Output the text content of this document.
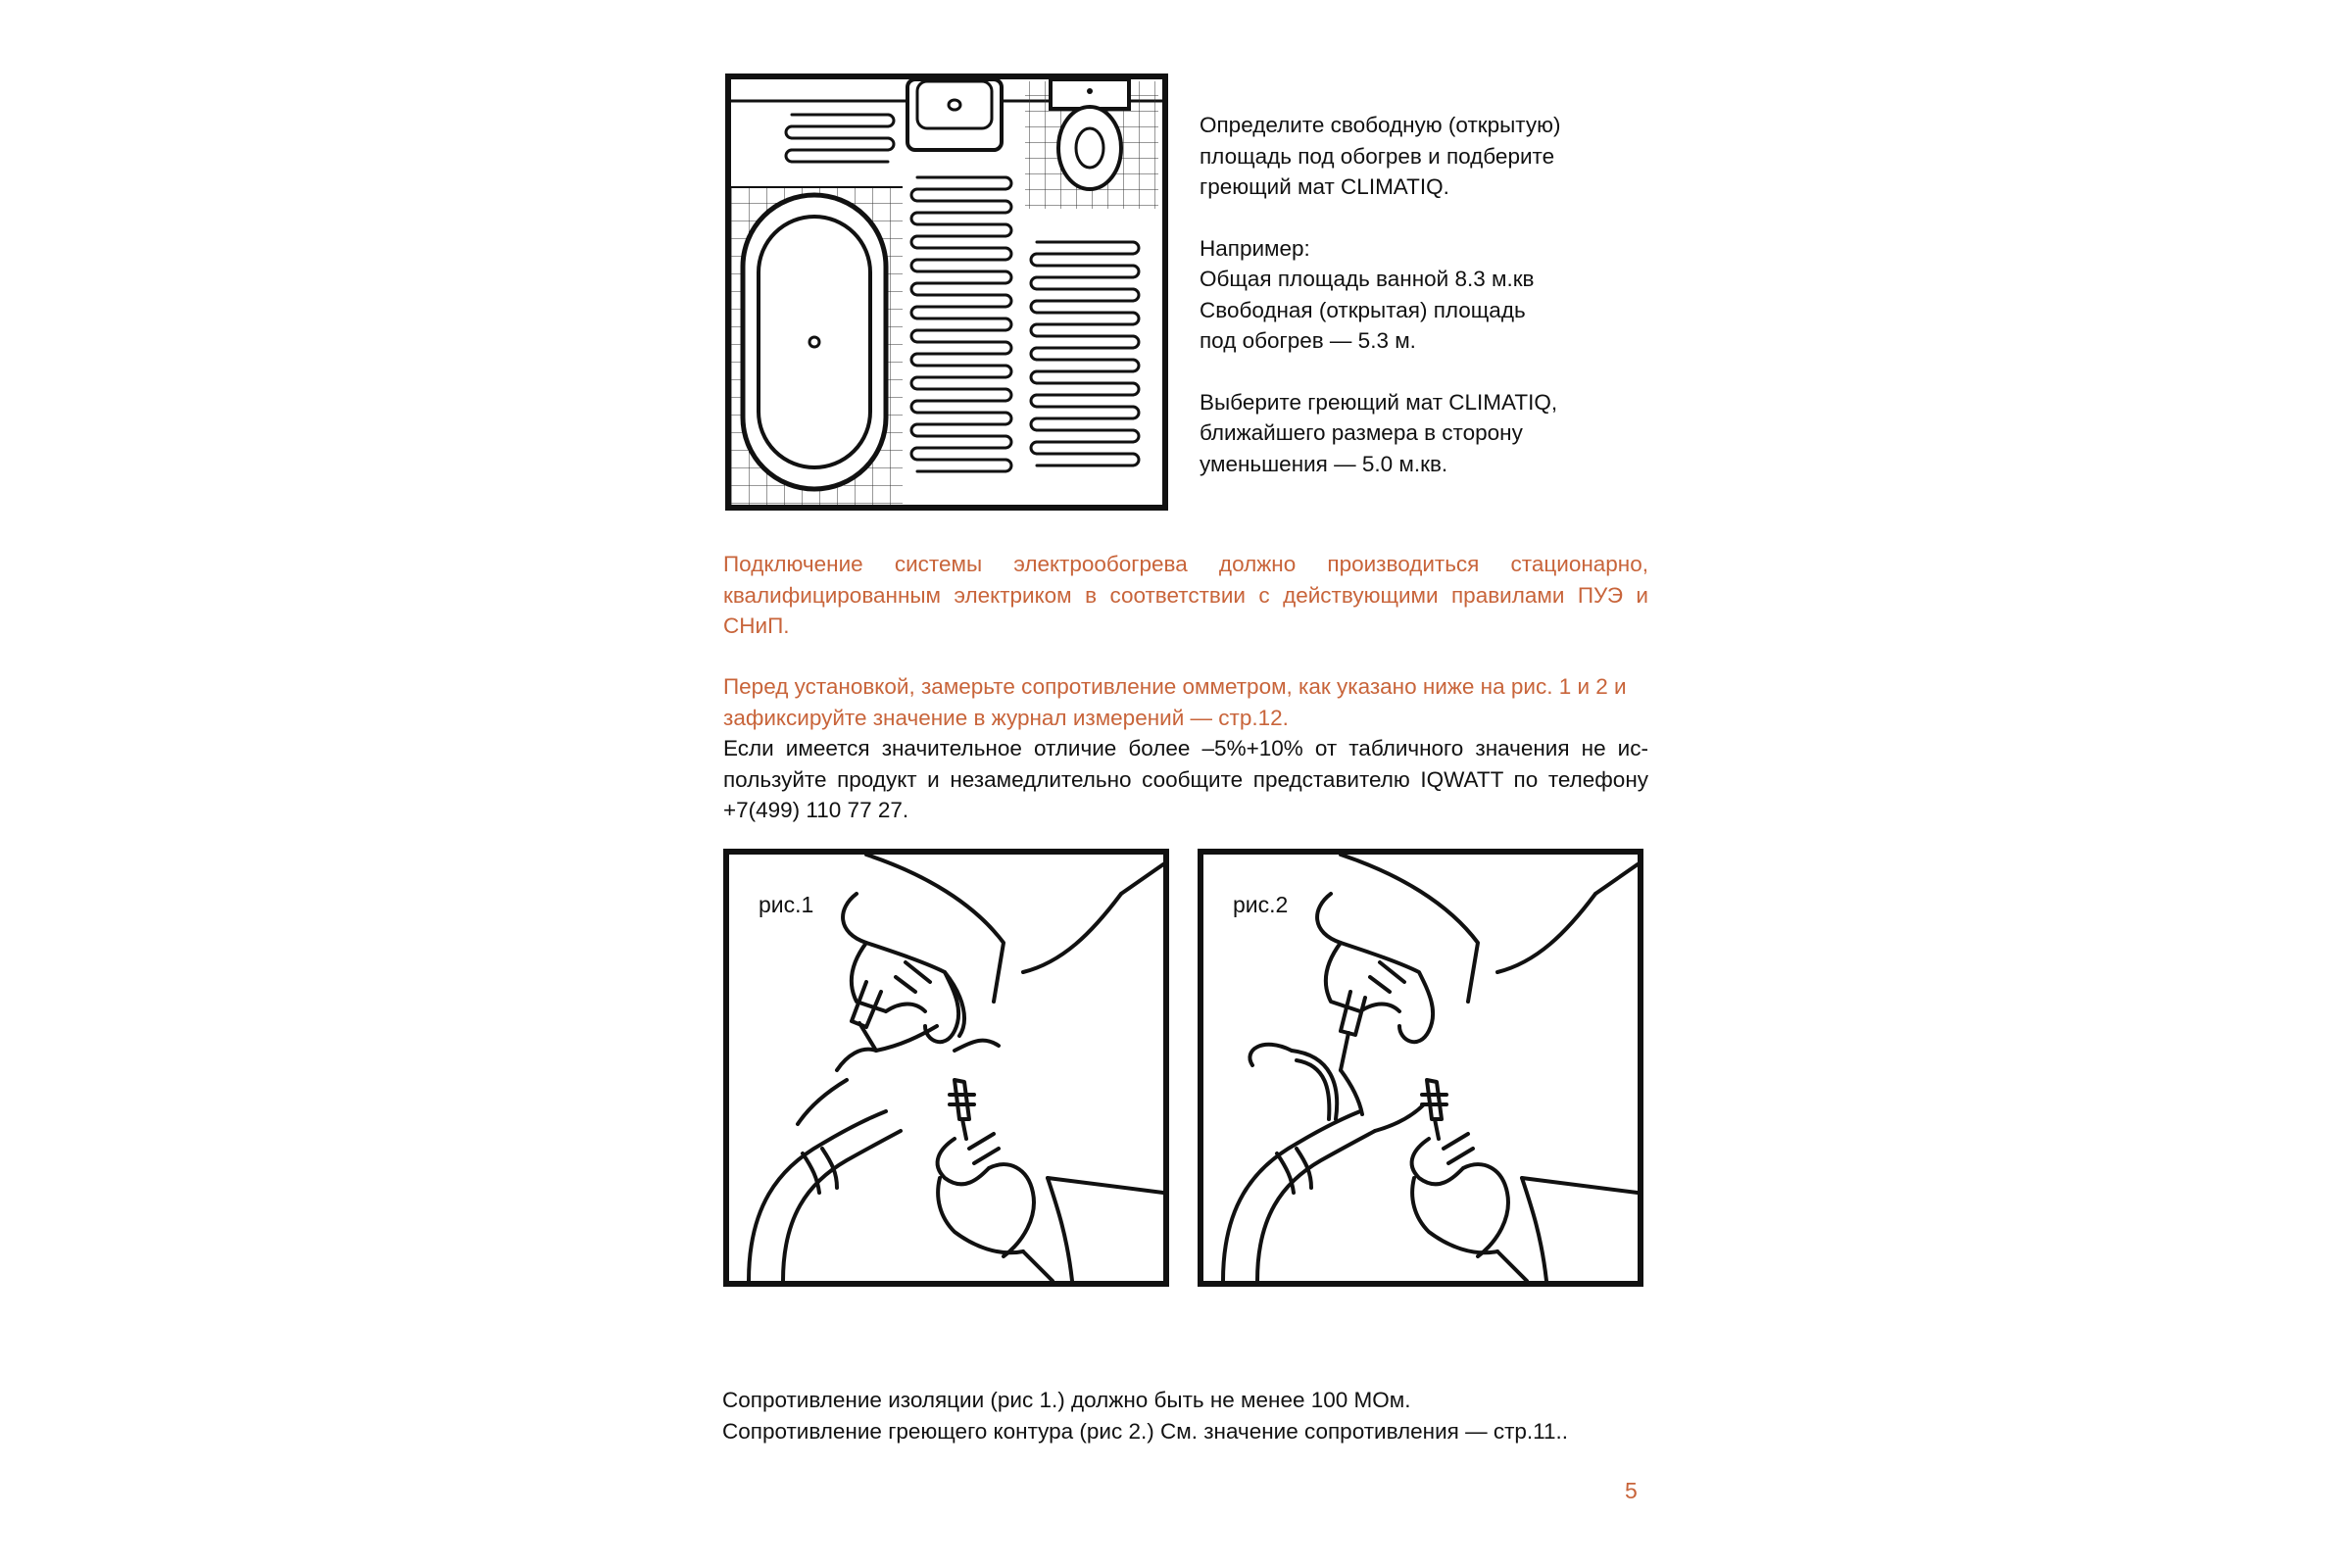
Определите свободную (открытую)
площадь под обогрев и подберите
греющий мат CLIMATIQ.

Например:
Общая площадь ванной 8.3 м.кв
Свободная (открытая) площадь
под обогрев — 5.3 м.

Выберите греющий мат CLIMATIQ,
ближайшего размера в сторону
уменьшения — 5.0 м.кв.

Подключение системы электрообогрева должно производиться стационарно, квалифицированным электриком в соответствии с действующими правилами ПУЭ и СНиП.
Перед установкой, замерьте сопротивление омметром, как указано ниже на рис. 1 и 2 и зафиксируйте значение в журнал измерений — стр.12.
Если имеется значительное отличие более –5%+10% от табличного значения не используйте продукт и незамедлительно сообщите представителю IQWATT по телефону +7(499) 110 77 27.
рис.1	рис.2
Сопротивление изоляции (рис 1.) должно быть не менее 100 МОм.
Сопротивление греющего контура (рис 2.) См. значение сопротивления — стр.11..
5
